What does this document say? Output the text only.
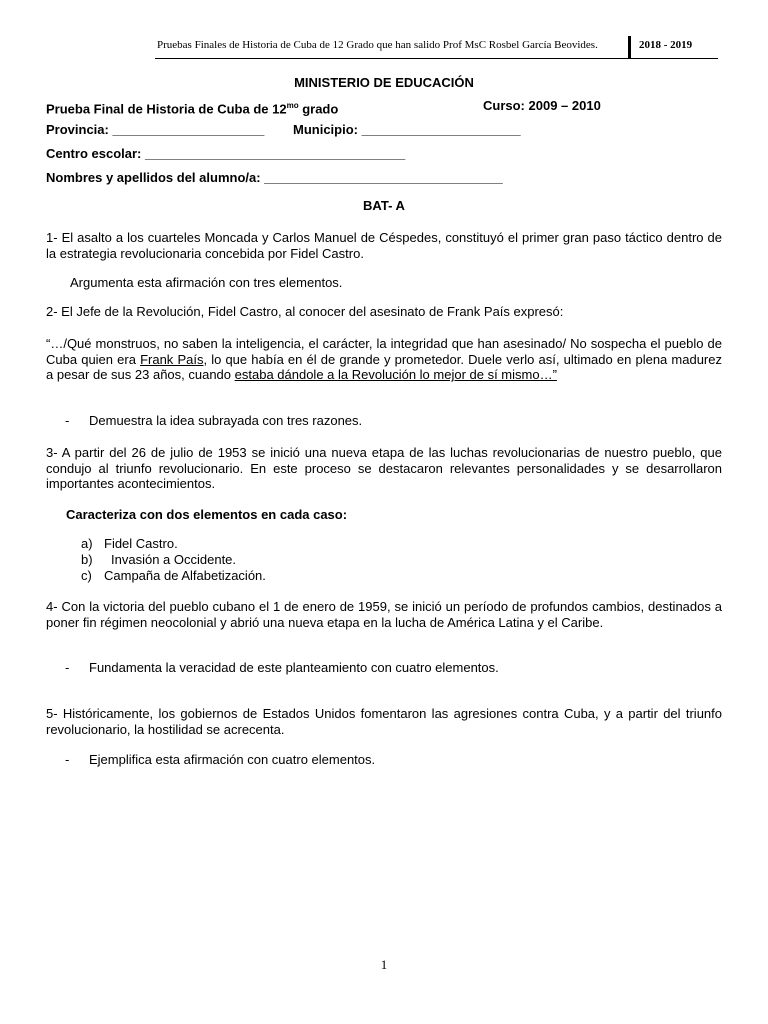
Pruebas Finales de Historia de Cuba de 12 Grado que han salido Prof MsC Rosbel García Beovides.	2018 - 2019
MINISTERIO DE EDUCACIÓN
Prueba Final de Historia de Cuba de $12^{mo}$ grado	Curso: 2009 – 2010
Provincia: _____________________ Municipio: ______________________
Centro escolar: ____________________________________
Nombres y apellidos del alumno/a: _________________________________
BAT- A
1- El asalto a los cuarteles Moncada y Carlos Manuel de Céspedes, constituyó el primer gran paso táctico dentro de la estrategia revolucionaria concebida por Fidel Castro.
Argumenta esta afirmación con tres elementos.
2- El Jefe de la Revolución, Fidel Castro, al conocer del asesinato de Frank País expresó:
“…/Qué monstruos, no saben la inteligencia, el carácter, la integridad que han asesinado/ No sospecha el pueblo de Cuba quien era Frank País, lo que había en él de grande y prometedor. Duele verlo así, ultimado en plena madurez a pesar de sus 23 años, cuando estaba dándole a la Revolución lo mejor de sí mismo…”
- Demuestra la idea subrayada con tres razones.
3- A partir del 26 de julio de 1953 se inició una nueva etapa de las luchas revolucionarias de nuestro pueblo, que condujo al triunfo revolucionario. En este proceso se destacaron relevantes personalidades y se desarrollaron importantes acontecimientos.
Caracteriza con dos elementos en cada caso:
a) Fidel Castro.
b) Invasión a Occidente.
c) Campaña de Alfabetización.
4- Con la victoria del pueblo cubano el 1 de enero de 1959, se inició un período de profundos cambios, destinados a poner fin régimen neocolonial y abrió una nueva etapa en la lucha de América Latina y el Caribe.
- Fundamenta la veracidad de este planteamiento con cuatro elementos.
5- Históricamente, los gobiernos de Estados Unidos fomentaron las agresiones contra Cuba, y a partir del triunfo revolucionario, la hostilidad se acrecenta.
- Ejemplifica esta afirmación con cuatro elementos.
1
